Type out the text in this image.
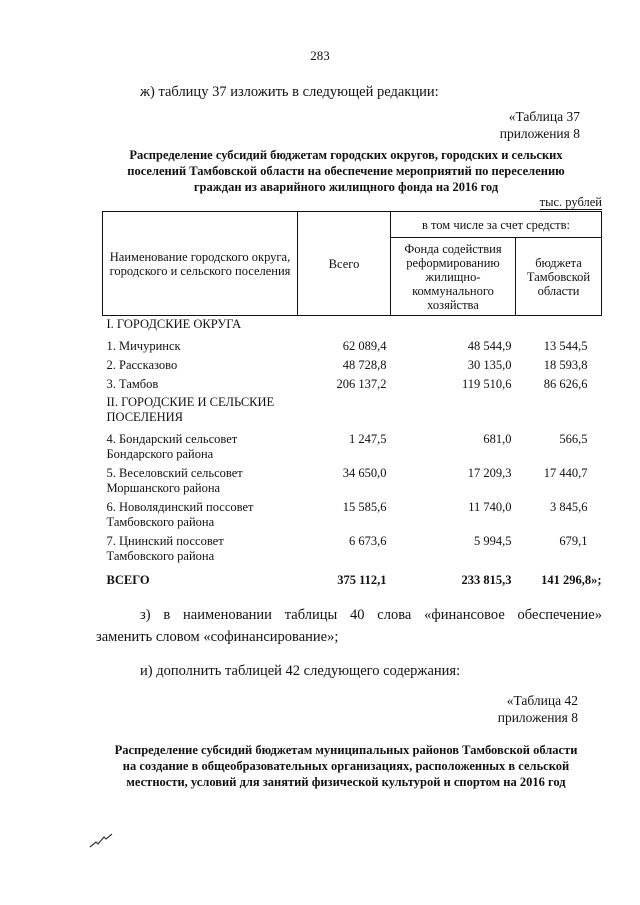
283
ж) таблицу 37 изложить в следующей редакции:
«Таблица 37
приложения 8
Распределение субсидий бюджетам городских округов, городских и сельских
поселений Тамбовской области на обеспечение мероприятий по переселению
граждан из аварийного жилищного фонда на 2016 год
тыс. рублей
Наименование городского округа, городского и сельского поселения	Всего	в том числе за счет средств:	
		Фонда содействия реформированию жилищно-коммунального хозяйства	бюджета Тамбовской области
I. ГОРОДСКИЕ ОКРУГА			
1. Мичуринск	62 089,4	48 544,9	13 544,5
2. Рассказово	48 728,8	30 135,0	18 593,8
3. Тамбов	206 137,2	119 510,6	86 626,6
II. ГОРОДСКИЕ И СЕЛЬСКИЕ ПОСЕЛЕНИЯ			
4. Бондарский сельсовет Бондарского района	1 247,5	681,0	566,5
5. Веселовский сельсовет Моршанского района	34 650,0	17 209,3	17 440,7
6. Новолядинский поссовет Тамбовского района	15 585,6	11 740,0	3 845,6
7. Цнинский поссовет Тамбовского района	6 673,6	5 994,5	679,1
ВСЕГО	375 112,1	233 815,3	141 296,8»;
з) в наименовании таблицы 40 слова «финансовое обеспечение»
заменить словом «софинансирование»;
и) дополнить таблицей 42 следующего содержания:
«Таблица 42
приложения 8
Распределение субсидий бюджетам муниципальных районов Тамбовской области
на создание в общеобразовательных организациях, расположенных в сельской
местности, условий для занятий физической культурой и спортом на 2016 год
